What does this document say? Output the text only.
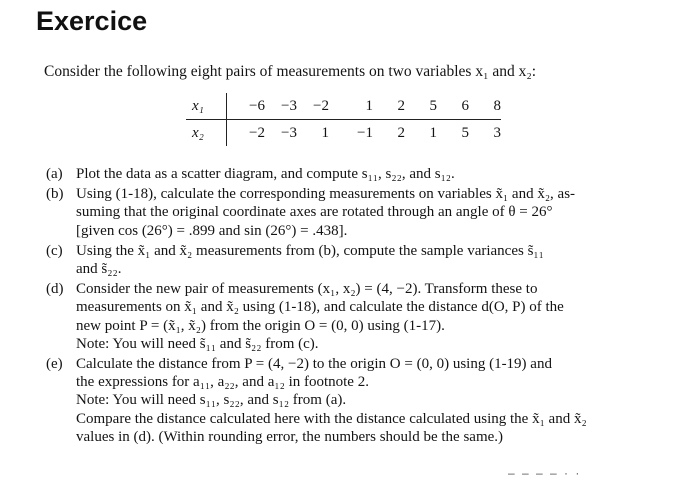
Exercice
Consider the following eight pairs of measurements on two variables x₁ and x₂:
x₁	−6	−3	−2	1	2	5	6	8
x₂	−2	−3	1	−1	2	1	5	3
(a) Plot the data as a scatter diagram, and compute s₁₁, s₂₂, and s₁₂.
(b) Using (1-18), calculate the corresponding measurements on variables x̃₁ and x̃₂, as-
suming that the original coordinate axes are rotated through an angle of θ = 26°
[given cos (26°) = .899 and sin (26°) = .438].
(c) Using the x̃₁ and x̃₂ measurements from (b), compute the sample variances s̃₁₁
and s̃₂₂.
(d) Consider the new pair of measurements (x₁, x₂) = (4, −2). Transform these to
measurements on x̃₁ and x̃₂ using (1-18), and calculate the distance d(O, P) of the
new point P = (x̃₁, x̃₂) from the origin O = (0, 0) using (1-17).
Note: You will need s̃₁₁ and s̃₂₂ from (c).
(e) Calculate the distance from P = (4, −2) to the origin O = (0, 0) using (1-19) and
the expressions for a₁₁, a₂₂, and a₁₂ in footnote 2.
Note: You will need s₁₁, s₂₂, and s₁₂ from (a).
Compare the distance calculated here with the distance calculated using the x̃₁ and x̃₂
values in (d). (Within rounding error, the numbers should be the same.)
– – – – · ·
